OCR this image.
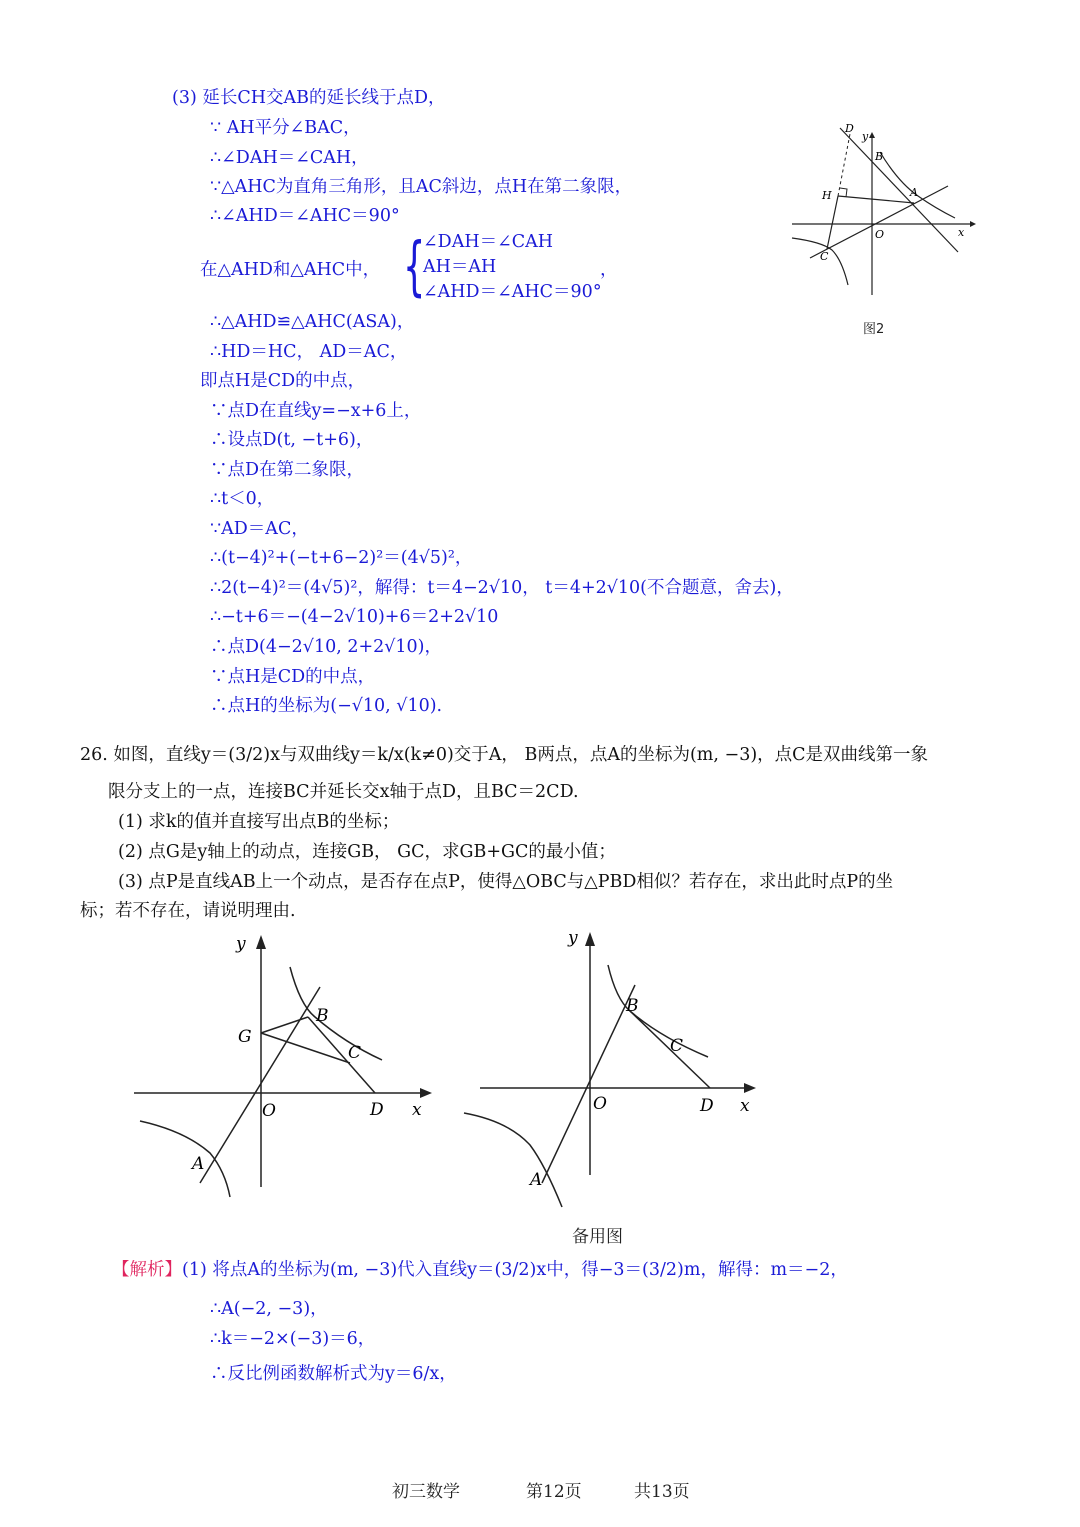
(3) 延长CH交AB的延长线于点D，
∵ AH平分∠BAC，
∴∠DAH＝∠CAH，
∵△AHC为直角三角形，且AC斜边，点H在第二象限，
∴∠AHD＝∠AHC＝90°
在△AHD和△AHC中， {
∠DAH＝∠CAH
AH＝AH
∠AHD＝∠AHC＝90°
，
∴△AHD≌△AHC(ASA)，
∴HD＝HC， AD＝AC，
即点H是CD的中点，
∵点D在直线y=−x+6上，
∴设点D(t, −t+6)，
∵点D在第二象限，
∴t＜0，
∵AD＝AC，
∴(t−4)²+(−t+6−2)²＝(4√5)²，
∴2(t−4)²＝(4√5)²，解得：t＝4−2√10， t＝4+2√10(不合题意，舍去)，
∴−t+6＝−(4−2√10)+6＝2+2√10
∴点D(4−2√10, 2+2√10)，
∵点H是CD的中点，
∴点H的坐标为(−√10, √10).
D
y
B
H	A
O	x
C
图2
26. 如图，直线y＝(3/2)x与双曲线y＝k/x(k≠0)交于A， B两点，点A的坐标为(m, −3)，点C是双曲线第一象
限分支上的一点，连接BC并延长交x轴于点D，且BC＝2CD.
(1) 求k的值并直接写出点B的坐标；
(2) 点G是y轴上的动点，连接GB， GC，求GB+GC的最小值；
(3) 点P是直线AB上一个动点，是否存在点P，使得△OBC与△PBD相似？若存在，求出此时点P的坐
标；若不存在，请说明理由.
y
G
B
C
O	D x
A
y
B
C
O	D x
A
备用图
【解析】(1) 将点A的坐标为(m, −3)代入直线y＝(3/2)x中，得−3＝(3/2)m，解得：m＝−2，
∴A(−2, −3)，
∴k＝−2×(−3)＝6，
∴反比例函数解析式为y＝6/x，
初三数学	第12页	共13页
